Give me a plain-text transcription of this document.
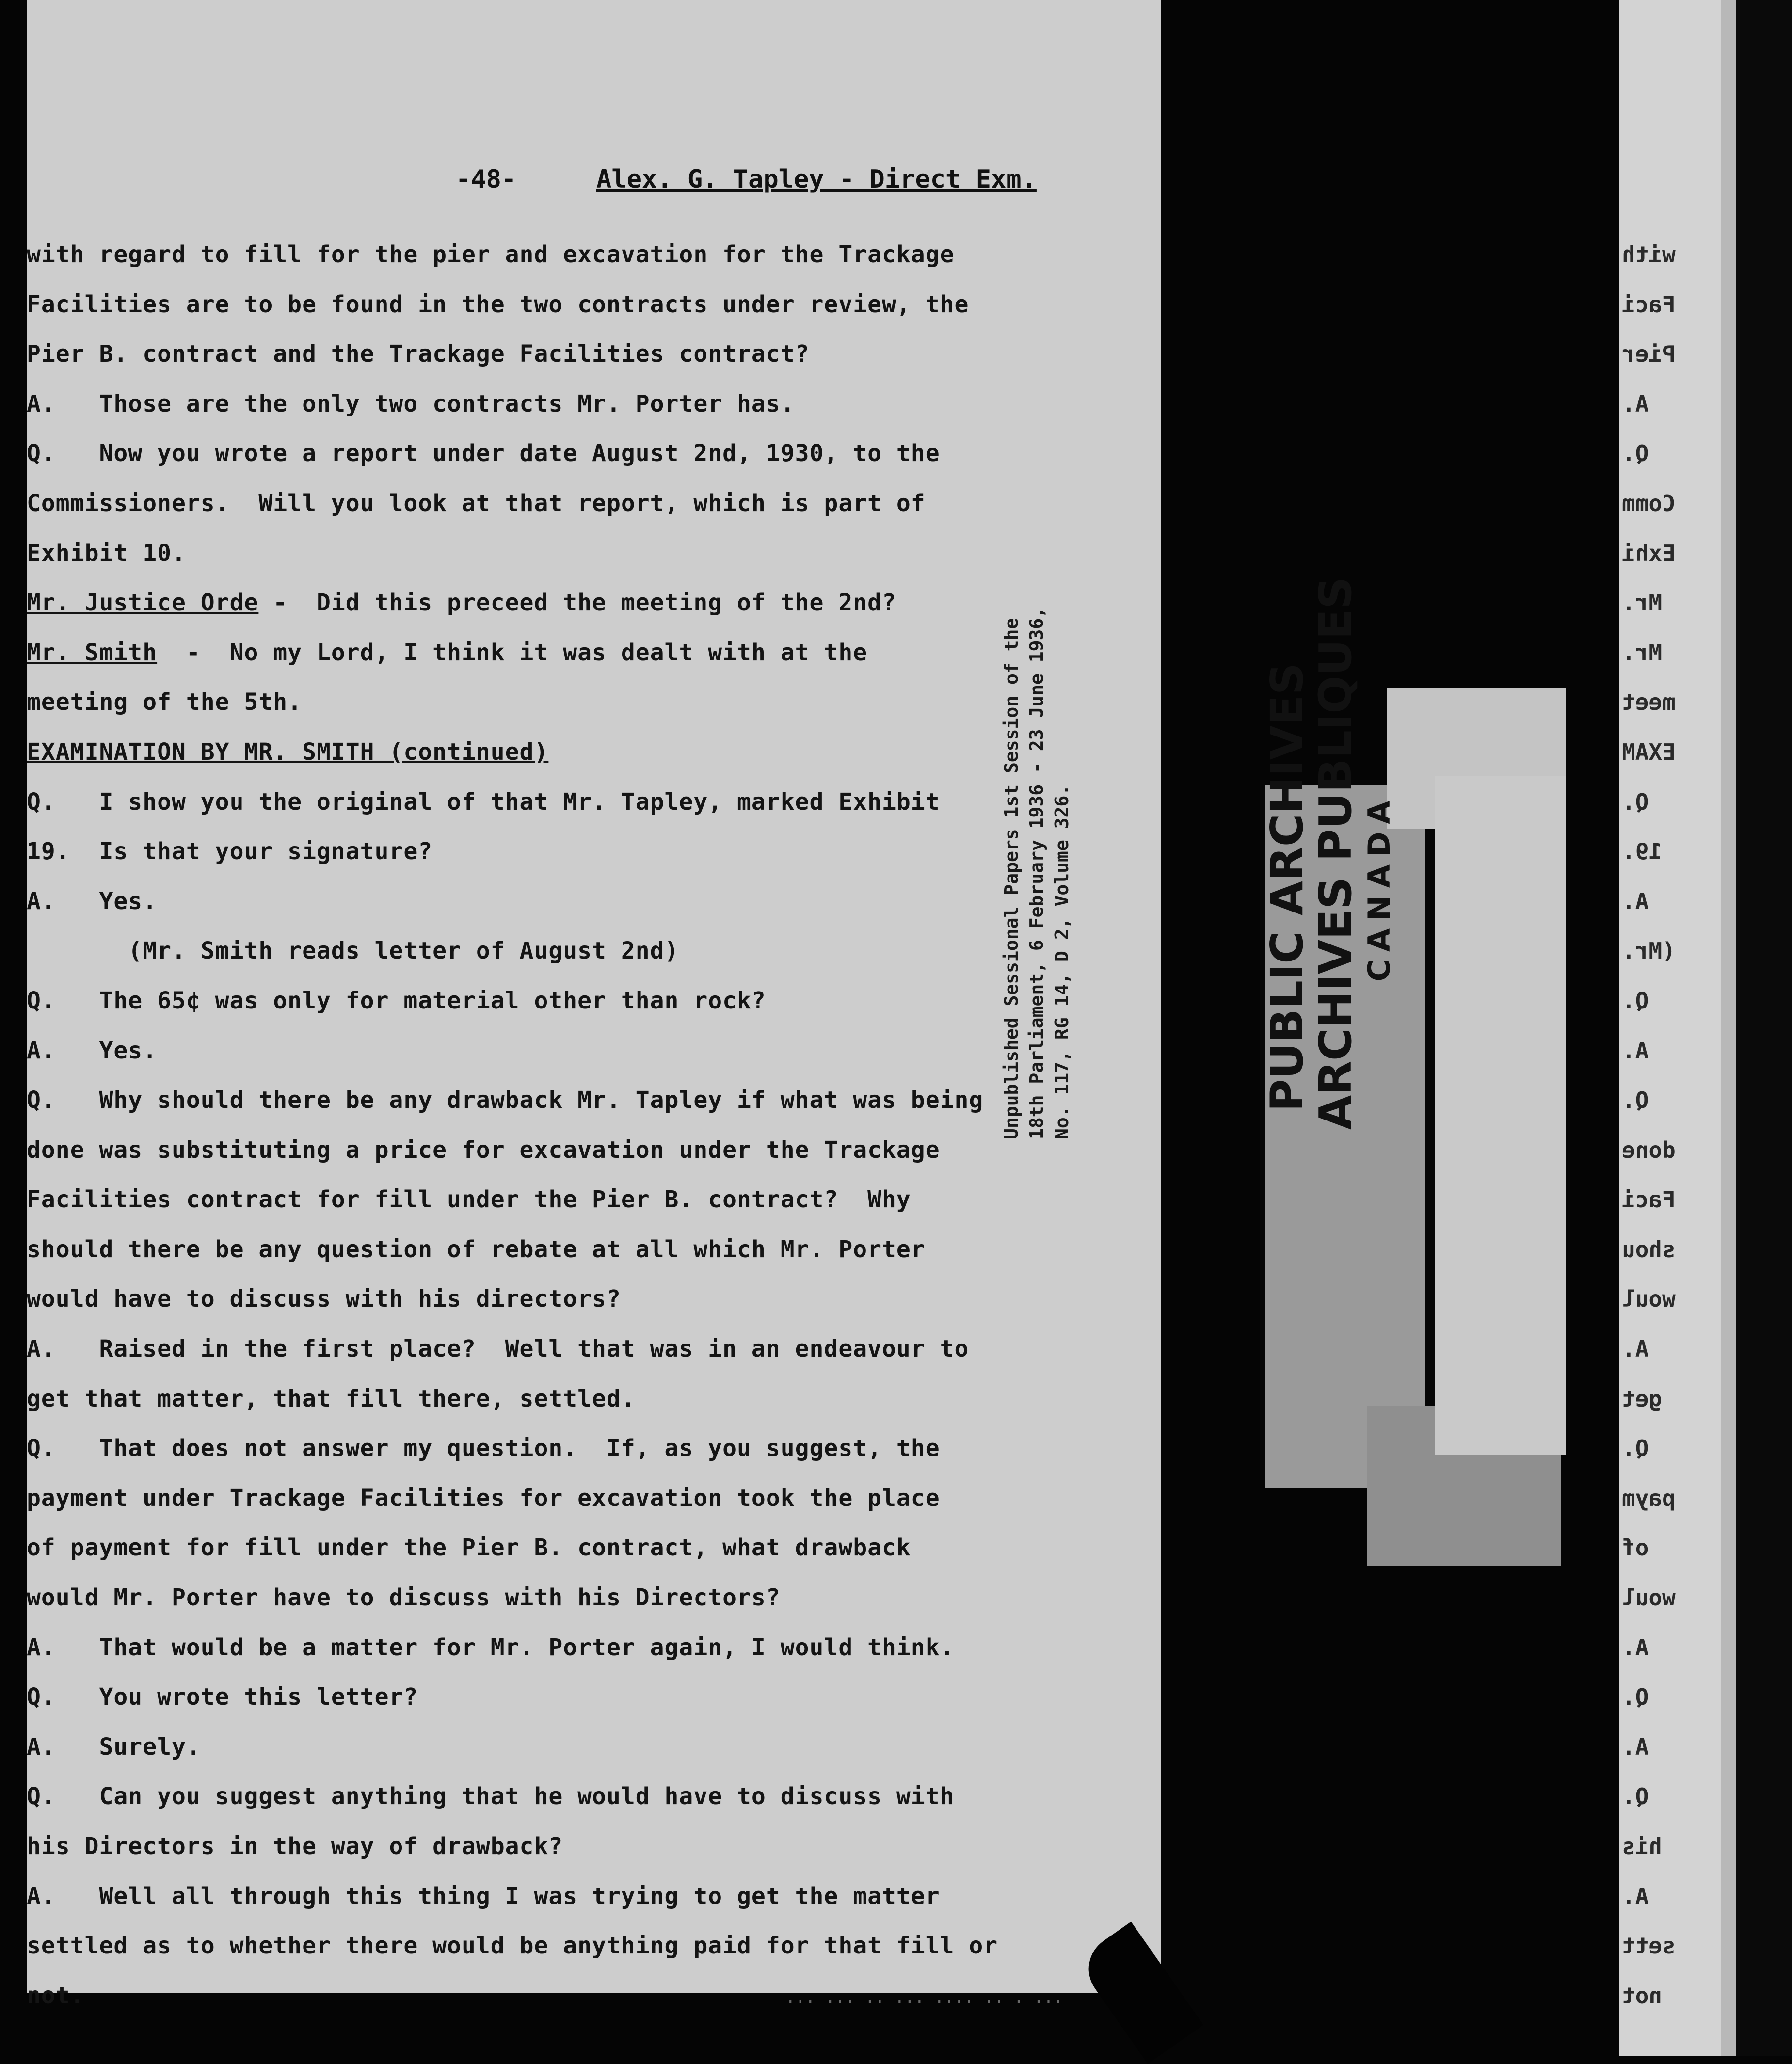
-48-	Alex. G. Tapley - Direct Exm.
with regard to fill for the pier and excavation for the Trackage
Facilities are to be found in the two contracts under review, the
Pier B. contract and the Trackage Facilities contract?
A.   Those are the only two contracts Mr. Porter has.
Q.   Now you wrote a report under date August 2nd, 1930, to the
Commissioners.  Will you look at that report, which is part of
Exhibit 10.
Mr. Justice Orde -  Did this preceed the meeting of the 2nd?
Mr. Smith  -  No my Lord, I think it was dealt with at the
meeting of the 5th.
EXAMINATION BY MR. SMITH (continued)
Q.   I show you the original of that Mr. Tapley, marked Exhibit
19.  Is that your signature?
A.   Yes.
(Mr. Smith reads letter of August 2nd)
Q.   The 65¢ was only for material other than rock?
A.   Yes.
Q.   Why should there be any drawback Mr. Tapley if what was being
done was substituting a price for excavation under the Trackage
Facilities contract for fill under the Pier B. contract?  Why
should there be any question of rebate at all which Mr. Porter
would have to discuss with his directors?
A.   Raised in the first place?  Well that was in an endeavour to
get that matter, that fill there, settled.
Q.   That does not answer my question.  If, as you suggest, the
payment under Trackage Facilities for excavation took the place
of payment for fill under the Pier B. contract, what drawback
would Mr. Porter have to discuss with his Directors?
A.   That would be a matter for Mr. Porter again, I would think.
Q.   You wrote this letter?
A.   Surely.
Q.   Can you suggest anything that he would have to discuss with
his Directors in the way of drawback?
A.   Well all through this thing I was trying to get the matter
settled as to whether there would be anything paid for that fill or
not.	... ... .. ... .... .. . ...
Unpublished Sessional Papers 1st Session of the 18th Parliament, 6 February 1936 - 23 June 1936, No. 117, RG 14, D 2, Volume 326.	PUBLIC ARCHIVES
ARCHIVES PUBLIQUES CANADA
with
Faci
Pier
A.
Q.
Comm
Exhi
Mr.
Mr.
meet
EXAM
Q.
19.
A.
(Mr.
Q.
A.
Q.
done
Faci
shou
woul
A.
get
Q.
paym
of
woul
A.
Q.
A.
Q.
his
A.
sett
not
